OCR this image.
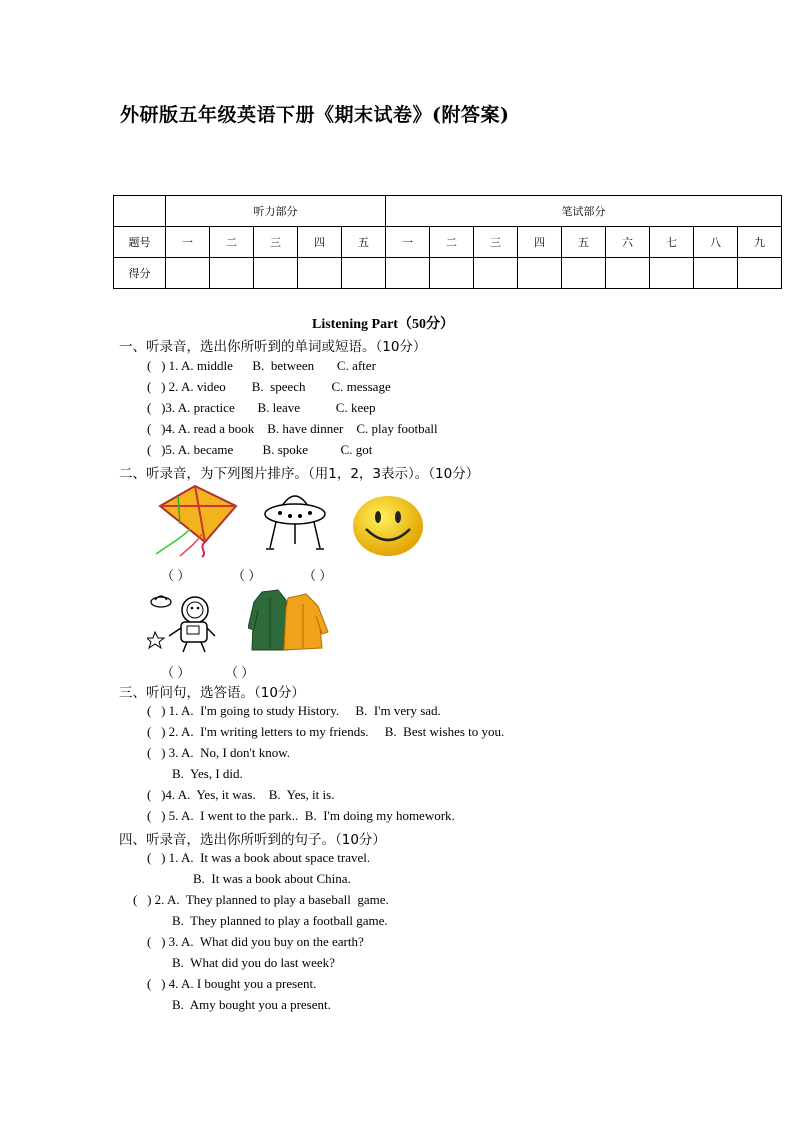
外研版五年级英语下册《期末试卷》(附答案)
	听力部分					笔试部分								
题号	一	二	三	四	五	一	二	三	四	五	六	七	八	九
得分														
Listening Part（50分）
一、听录音，选出你所听到的单词或短语。（10分）
(   ) 1. A. middle      B.  between       C. after
(   ) 2. A. video        B.  speech        C. message
(   )3. A. practice       B. leave           C. keep
(   )4. A. read a book    B. have dinner    C. play football
(   )5. A. became         B. spoke          C. got
二、听录音，为下列图片排序。（用1，2，3表示）。（10分）
（ ）	（ ）	（ ）
（ ）	（ ）
三、听问句，选答语。（10分）
(   ) 1. A.  I'm going to study History.     B.  I'm very sad.
(   ) 2. A.  I'm writing letters to my friends.     B.  Best wishes to you.
(   ) 3. A.  No, I don't know.
B.  Yes, I did.
(   )4. A.  Yes, it was.    B.  Yes, it is.
(   ) 5. A.  I went to the park..  B.  I'm doing my homework.
四、听录音，选出你所听到的句子。（10分）
(   ) 1. A.  It was a book about space travel.
B.  It was a book about China.
(   ) 2. A.  They planned to play a baseball  game.
B.  They planned to play a football game.
(   ) 3. A.  What did you buy on the earth?
B.  What did you do last week?
(   ) 4. A. I bought you a present.
B.  Amy bought you a present.
